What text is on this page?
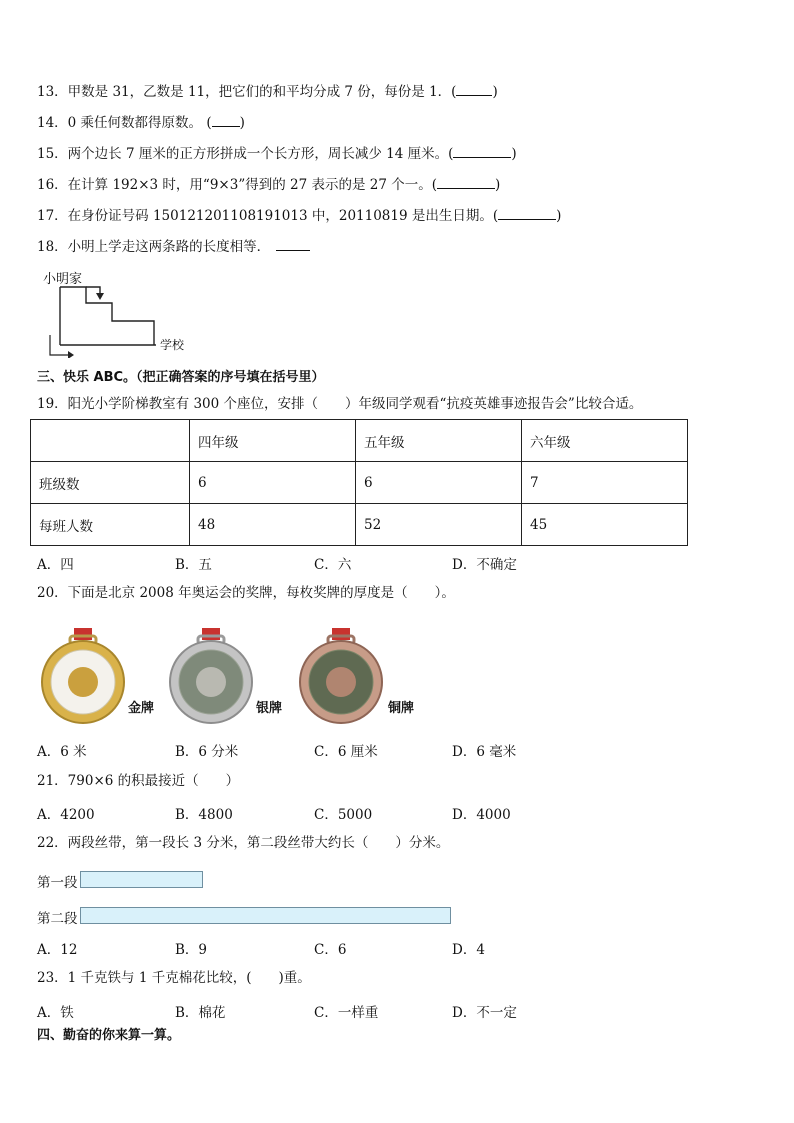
13．甲数是 31，乙数是 11，把它们的和平均分成 7 份，每份是 1．(	)
14．0 乘任何数都得原数。 ( )
15．两个边长 7 厘米的正方形拼成一个长方形，周长减少 14 厘米。(	)
16．在计算 192×3 时，用“9×3”得到的 27 表示的是 27 个一。(	)
17．在身份证号码 150121201108191013 中，20110819 是出生日期。(	)
18．小明上学走这两条路的长度相等．
小明家
学校
三、快乐 ABC。（把正确答案的序号填在括号里）
19．阳光小学阶梯教室有 300 个座位，安排（　　）年级同学观看“抗疫英雄事迹报告会”比较合适。
	四年级	五年级	六年级
班级数	6	6	7
每班人数	48	52	45
A．四	B．五	C．六	D．不确定
20．下面是北京 2008 年奥运会的奖牌，每枚奖牌的厚度是（　　）。
金牌	银牌	铜牌
A．6 米	B．6 分米	C．6 厘米	D．6 毫米
21．790×6 的积最接近（　　）
A．4200	B．4800	C．5000	D．4000
22．两段丝带，第一段长 3 分米，第二段丝带大约长（　　）分米。
第一段
第二段
A．12	B．9	C．6	D．4
23．1 千克铁与 1 千克棉花比较，(　　)重。
A．铁	B．棉花	C．一样重	D．不一定
四、勤奋的你来算一算。
